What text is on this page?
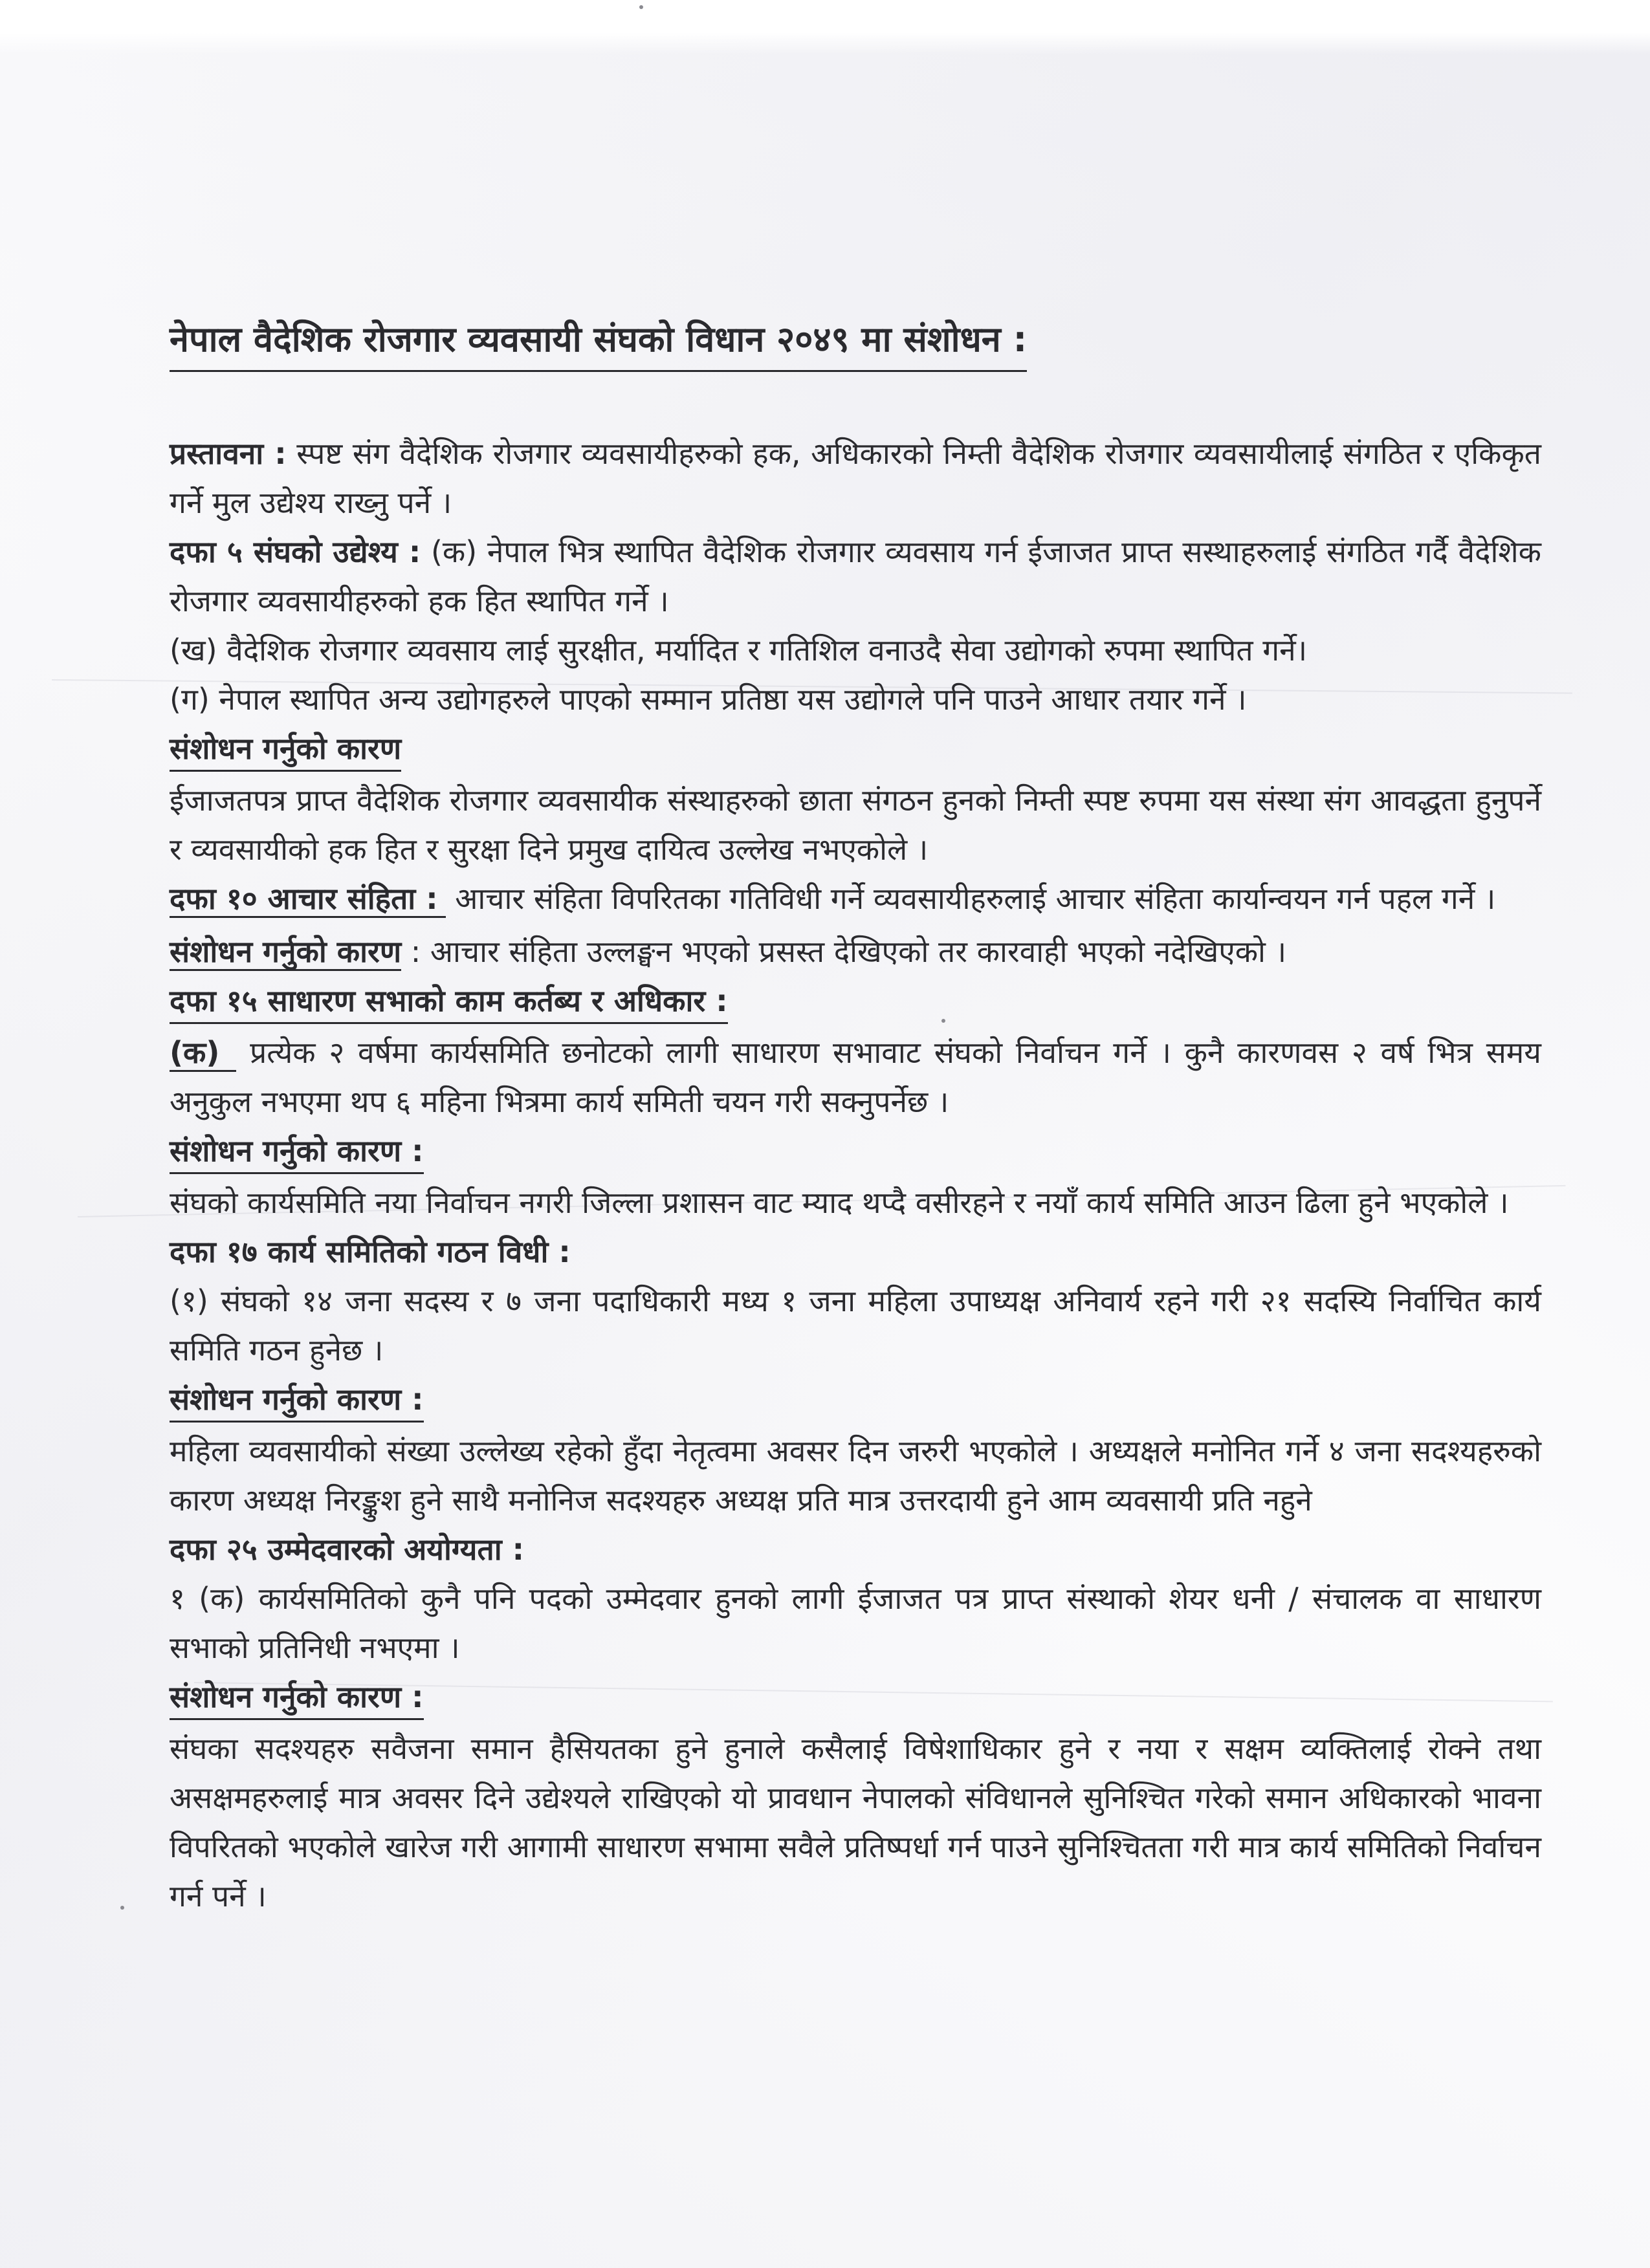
नेपाल वैदेशिक रोजगार व्यवसायी संघको विधान २०४९ मा संशोधन :

प्रस्तावना : स्पष्ट संग वैदेशिक रोजगार व्यवसायीहरुको हक, अधिकारको निम्ती वैदेशिक रोजगार व्यवसायीलाई संगठित र एकिकृत गर्ने मुल उद्येश्य राख्नु पर्ने ।

दफा ५ संघको उद्येश्य : (क) नेपाल भित्र स्थापित वैदेशिक रोजगार व्यवसाय गर्न ईजाजत प्राप्त सस्थाहरुलाई संगठित गर्दै वैदेशिक रोजगार व्यवसायीहरुको हक हित स्थापित गर्ने ।

(ख) वैदेशिक रोजगार व्यवसाय लाई सुरक्षीत, मर्यादित र गतिशिल वनाउदै सेवा उद्योगको रुपमा स्थापित गर्ने।

(ग) नेपाल स्थापित अन्य उद्योगहरुले पाएको सम्मान प्रतिष्ठा यस उद्योगले पनि पाउने आधार तयार गर्ने ।

संशोधन गर्नुको कारण

ईजाजतपत्र प्राप्त वैदेशिक रोजगार व्यवसायीक संस्थाहरुको छाता संगठन हुनको निम्ती स्पष्ट रुपमा यस संस्था संग आवद्धता हुनुपर्ने र व्यवसायीको हक हित र सुरक्षा दिने प्रमुख दायित्व उल्लेख नभएकोले ।

दफा १० आचार संहिता : आचार संहिता विपरितका गतिविधी गर्ने व्यवसायीहरुलाई आचार संहिता कार्यान्वयन गर्न पहल गर्ने ।

संशोधन गर्नुको कारण : आचार संहिता उल्लङ्घन भएको प्रसस्त देखिएको तर कारवाही भएको नदेखिएको ।

दफा १५ साधारण सभाको काम कर्तब्य र अधिकार :

(क) प्रत्येक २ वर्षमा कार्यसमिति छनोटको लागी साधारण सभावाट संघको निर्वाचन गर्ने । कुनै कारणवस २ वर्ष भित्र समय अनुकुल नभएमा थप ६ महिना भित्रमा कार्य समिती चयन गरी सक्नुपर्नेछ ।

संशोधन गर्नुको कारण :

संघको कार्यसमिति नया निर्वाचन नगरी जिल्ला प्रशासन वाट म्याद थप्दै वसीरहने र नयाँ कार्य समिति आउन ढिला हुने भएकोले ।

दफा १७ कार्य समितिको गठन विधी :

(१) संघको १४ जना सदस्य र ७ जना पदाधिकारी मध्य १ जना महिला उपाध्यक्ष अनिवार्य रहने गरी २१ सदस्यि निर्वाचित कार्य समिति गठन हुनेछ ।

संशोधन गर्नुको कारण :

महिला व्यवसायीको संख्या उल्लेख्य रहेको हुँदा नेतृत्वमा अवसर दिन जरुरी भएकोले । अध्यक्षले मनोनित गर्ने ४ जना सदश्यहरुको कारण अध्यक्ष निरङ्कुश हुने साथै मनोनिज सदश्यहरु अध्यक्ष प्रति मात्र उत्तरदायी हुने आम व्यवसायी प्रति नहुने

दफा २५ उम्मेदवारको अयोग्यता :

१ (क) कार्यसमितिको कुनै पनि पदको उम्मेदवार हुनको लागी ईजाजत पत्र प्राप्त संस्थाको शेयर धनी / संचालक वा साधारण सभाको प्रतिनिधी नभएमा ।

संशोधन गर्नुको कारण :

संघका सदश्यहरु सवैजना समान हैसियतका हुने हुनाले कसैलाई विषेशाधिकार हुने र नया र सक्षम व्यक्तिलाई रोक्ने तथा असक्षमहरुलाई मात्र अवसर दिने उद्येश्यले राखिएको यो प्रावधान नेपालको संविधानले सुनिश्चित गरेको समान अधिकारको भावना विपरितको भएकोले खारेज गरी आगामी साधारण सभामा सवैले प्रतिष्पर्धा गर्न पाउने सुनिश्चितता गरी मात्र कार्य समितिको निर्वाचन गर्न पर्ने ।
